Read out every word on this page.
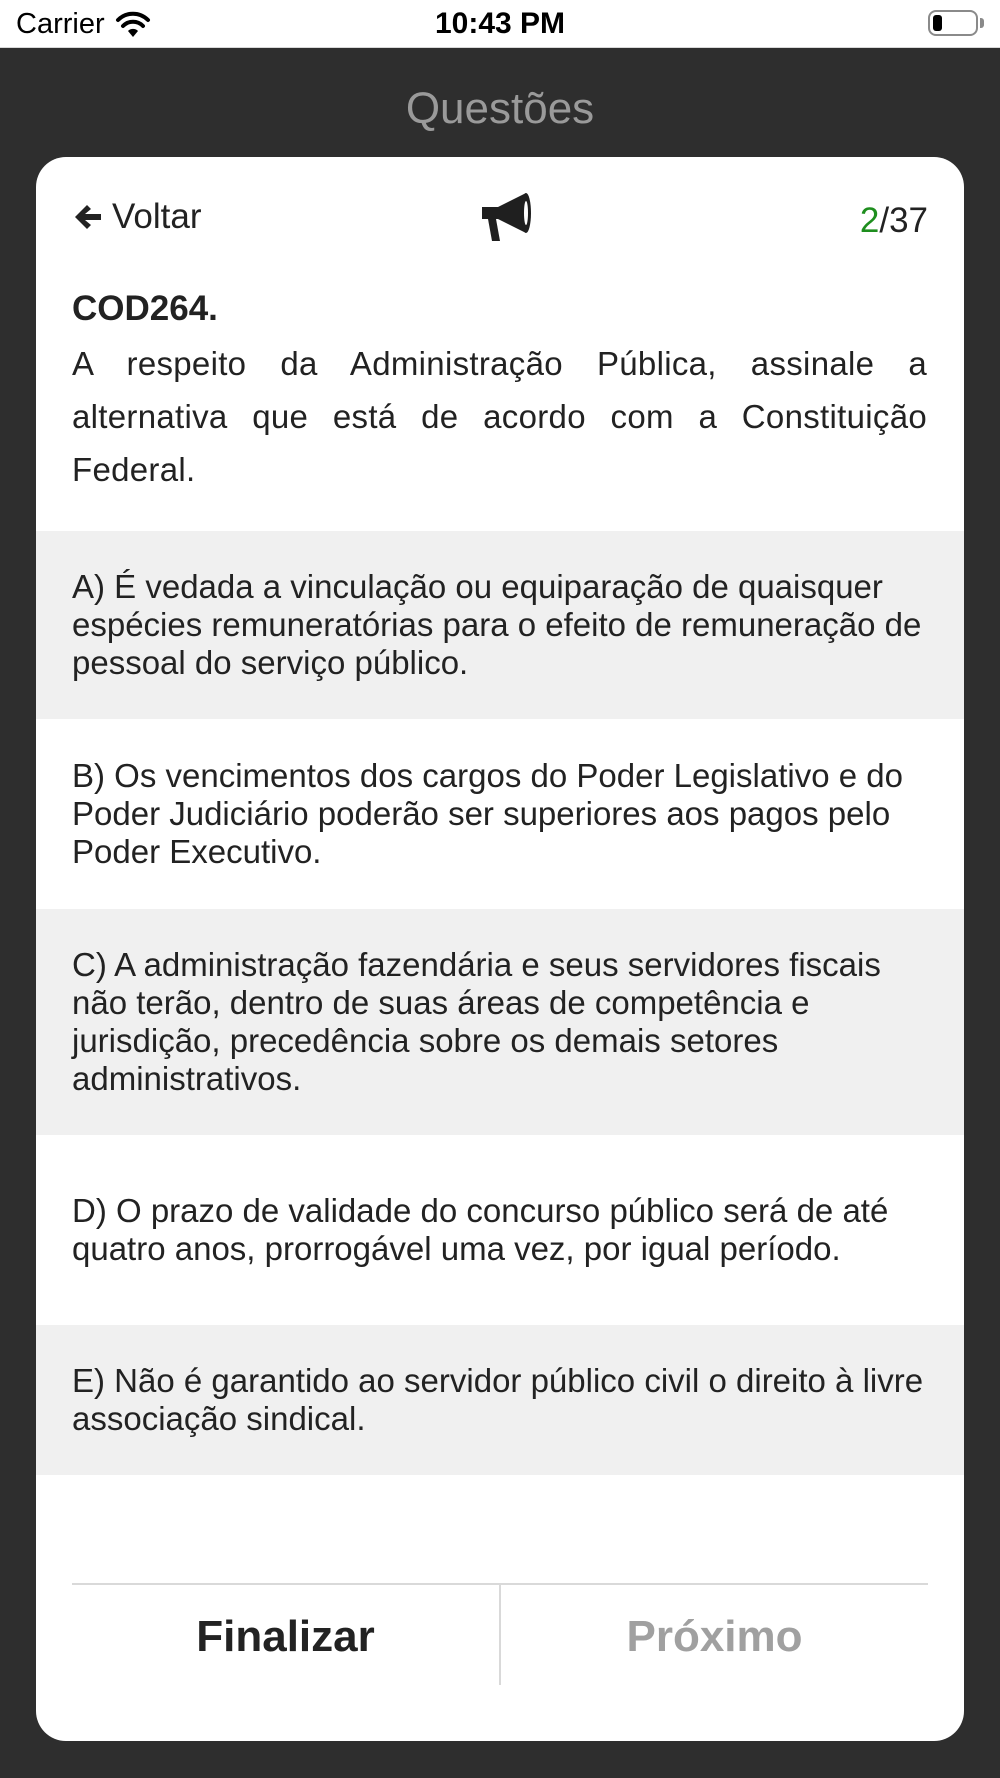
Carrier	10:43 PM
Questões
Voltar	2/37
COD264.
A respeito da Administração Pública, assinale a alternativa que está de acordo com a Constituição Federal.
A) É vedada a vinculação ou equiparação de quaisquer espécies remuneratórias para o efeito de remuneração de pessoal do serviço público.
B) Os vencimentos dos cargos do Poder Legislativo e do Poder Judiciário poderão ser superiores aos pagos pelo Poder Executivo.
C) A administração fazendária e seus servidores fiscais não terão, dentro de suas áreas de competência e jurisdição, precedência sobre os demais setores administrativos.
D) O prazo de validade do concurso público será de até quatro anos, prorrogável uma vez, por igual período.
E) Não é garantido ao servidor público civil o direito à livre associação sindical.
Finalizar	Próximo
